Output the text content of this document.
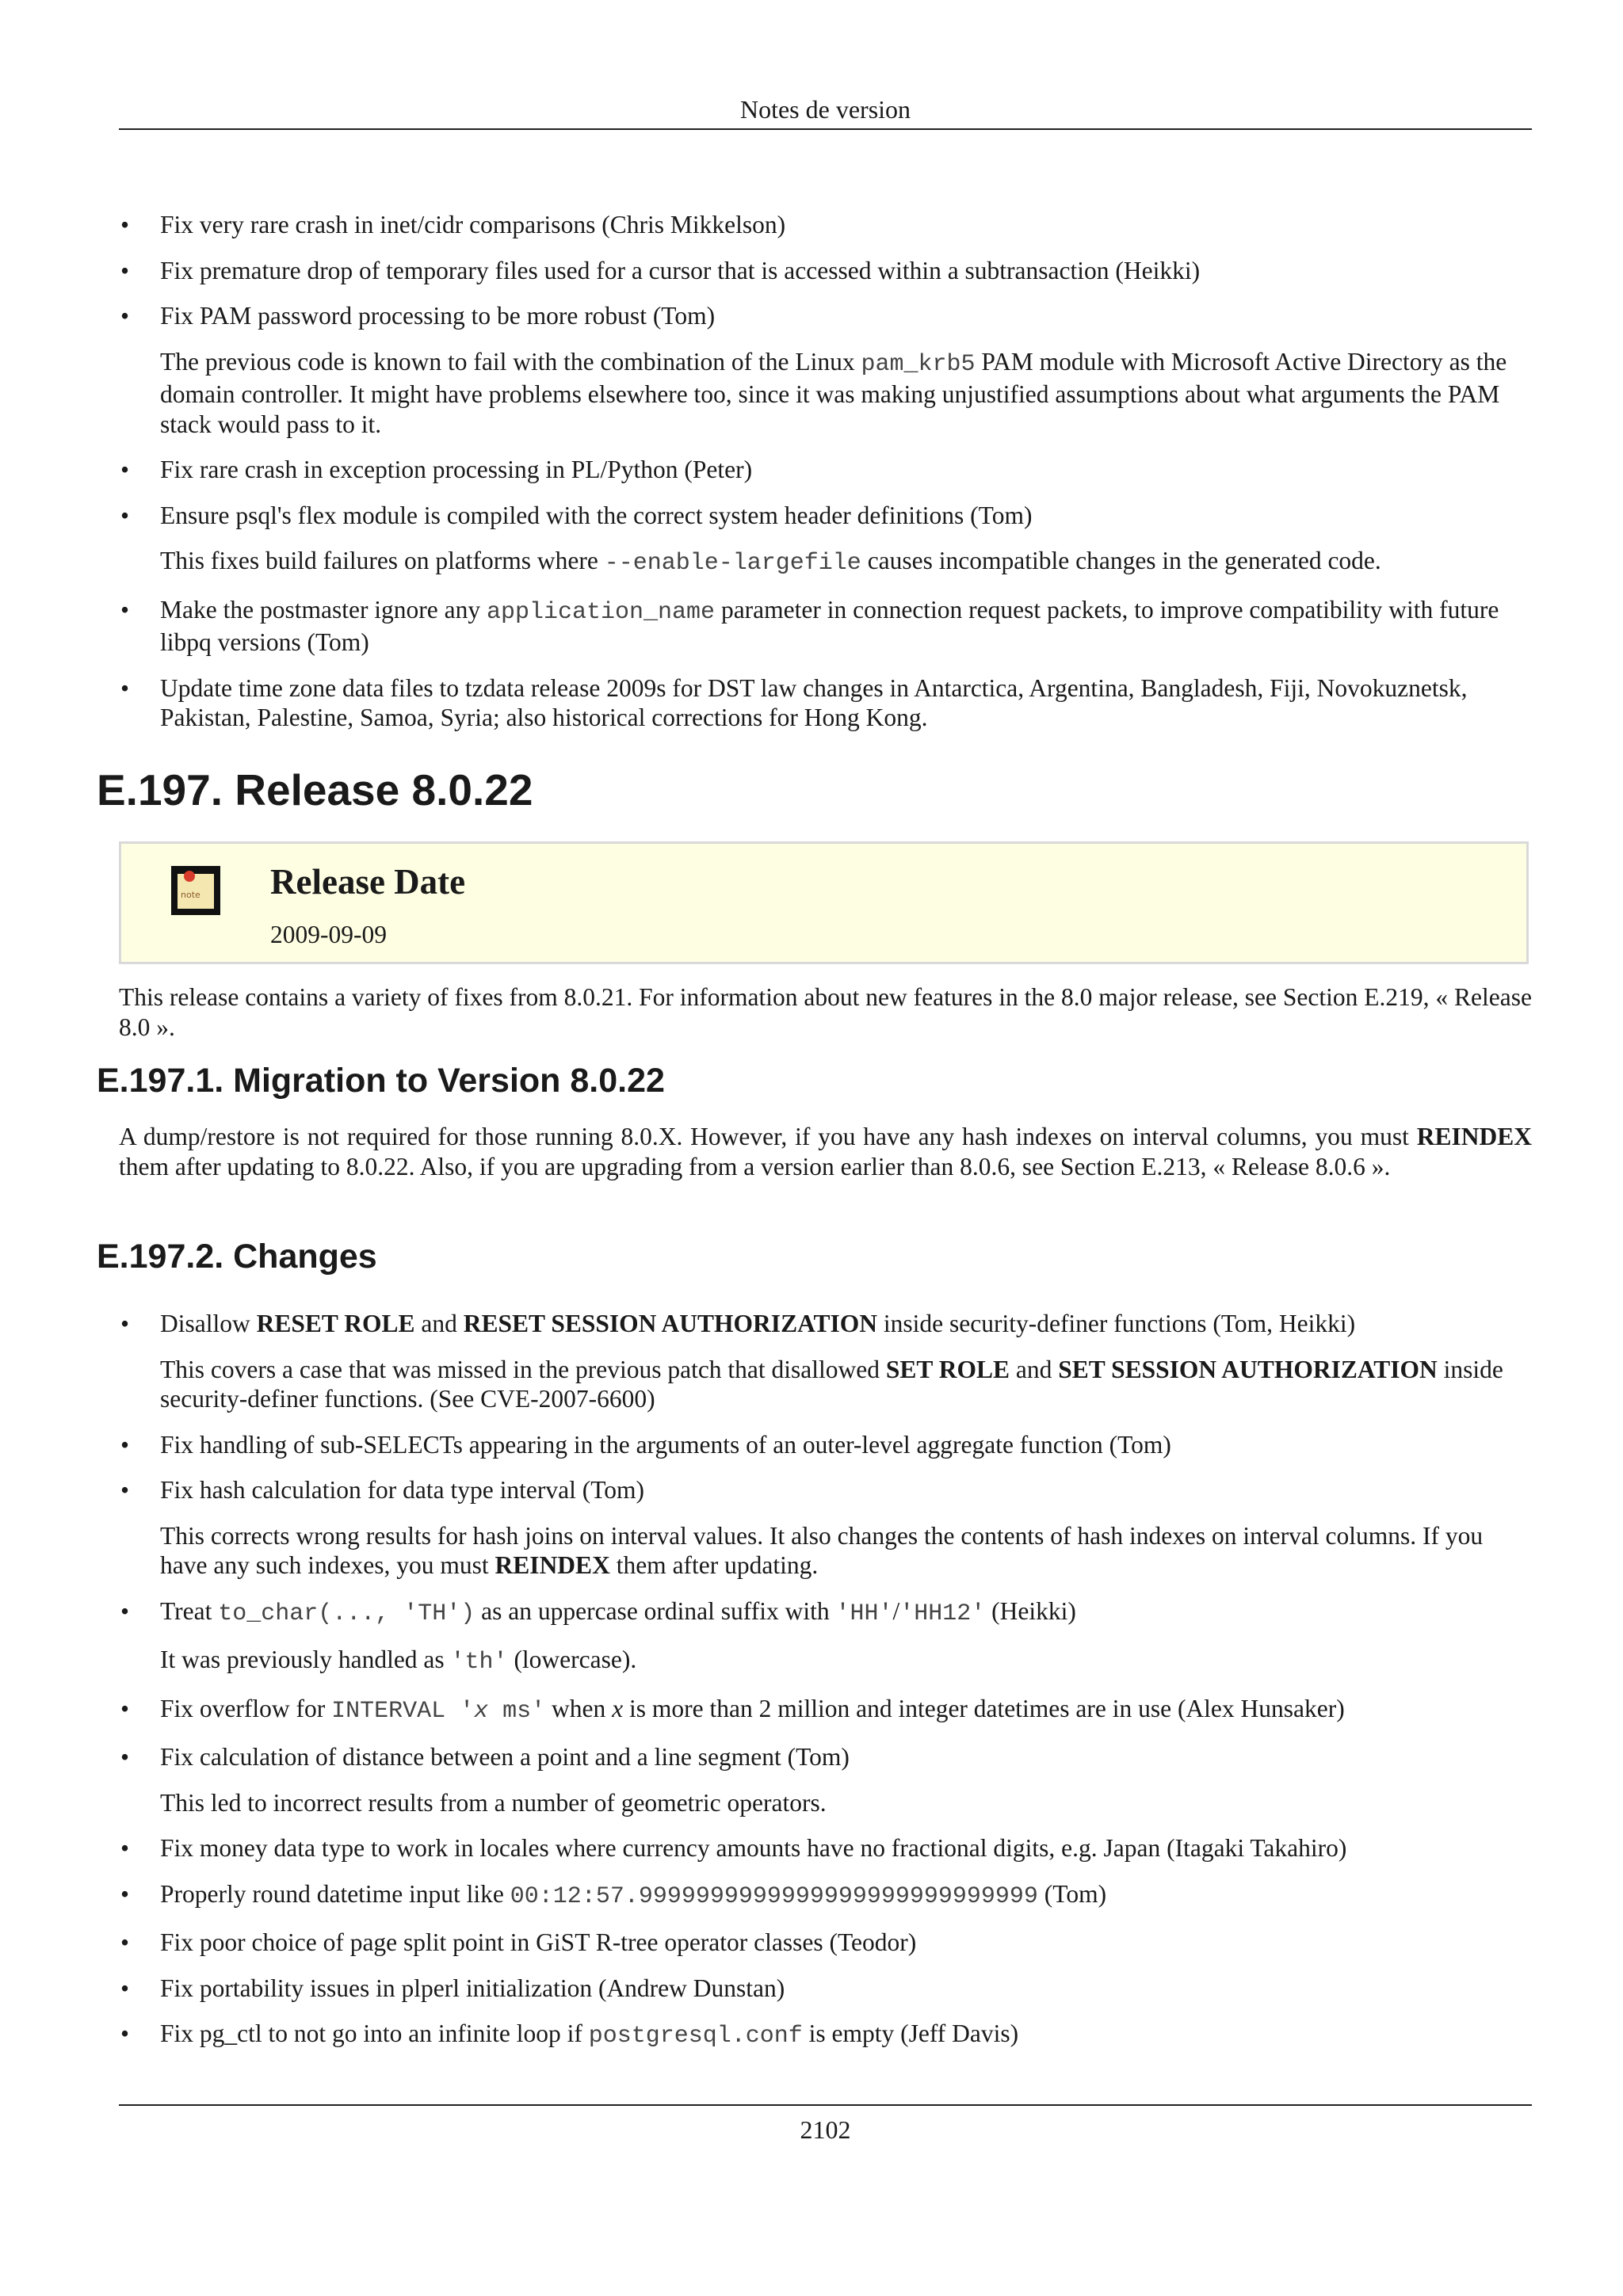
Notes de version
• Fix very rare crash in inet/cidr comparisons (Chris Mikkelson)

• Fix premature drop of temporary files used for a cursor that is accessed within a subtransaction (Heikki)

• Fix PAM password processing to be more robust (Tom)

The previous code is known to fail with the combination of the Linux pam_krb5 PAM module with Microsoft Active Directory as the domain controller. It might have problems elsewhere too, since it was making unjustified assumptions about what arguments the PAM stack would pass to it.

• Fix rare crash in exception processing in PL/Python (Peter)

• Ensure psql's flex module is compiled with the correct system header definitions (Tom)

This fixes build failures on platforms where --enable-largefile causes incompatible changes in the generated code.

• Make the postmaster ignore any application_name parameter in connection request packets, to improve compatibility with future libpq versions (Tom)

• Update time zone data files to tzdata release 2009s for DST law changes in Antarctica, Argentina, Bangladesh, Fiji, Novokuznetsk, Pakistan, Palestine, Samoa, Syria; also historical corrections for Hong Kong.

E.197. Release 8.0.22
note Release Date
2009-09-09

This release contains a variety of fixes from 8.0.21. For information about new features in the 8.0 major release, see Section E.219, « Release 8.0 ».

E.197.1. Migration to Version 8.0.22

A dump/restore is not required for those running 8.0.X. However, if you have any hash indexes on interval columns, you must REINDEX them after updating to 8.0.22. Also, if you are upgrading from a version earlier than 8.0.6, see Section E.213, « Release 8.0.6 ».

E.197.2. Changes
• Disallow RESET ROLE and RESET SESSION AUTHORIZATION inside security-definer functions (Tom, Heikki)

This covers a case that was missed in the previous patch that disallowed SET ROLE and SET SESSION AUTHORIZATION inside security-definer functions. (See CVE-2007-6600)

• Fix handling of sub-SELECTs appearing in the arguments of an outer-level aggregate function (Tom)

• Fix hash calculation for data type interval (Tom)

This corrects wrong results for hash joins on interval values. It also changes the contents of hash indexes on interval columns. If you have any such indexes, you must REINDEX them after updating.

• Treat to_char(..., 'TH') as an uppercase ordinal suffix with 'HH'/'HH12' (Heikki)

It was previously handled as 'th' (lowercase).

• Fix overflow for INTERVAL 'x ms' when x is more than 2 million and integer datetimes are in use (Alex Hunsaker)

• Fix calculation of distance between a point and a line segment (Tom)

This led to incorrect results from a number of geometric operators.

• Fix money data type to work in locales where currency amounts have no fractional digits, e.g. Japan (Itagaki Takahiro)

• Properly round datetime input like 00:12:57.9999999999999999999999999999 (Tom)

• Fix poor choice of page split point in GiST R-tree operator classes (Teodor)

• Fix portability issues in plperl initialization (Andrew Dunstan)

• Fix pg_ctl to not go into an infinite loop if postgresql.conf is empty (Jeff Davis)

2102
